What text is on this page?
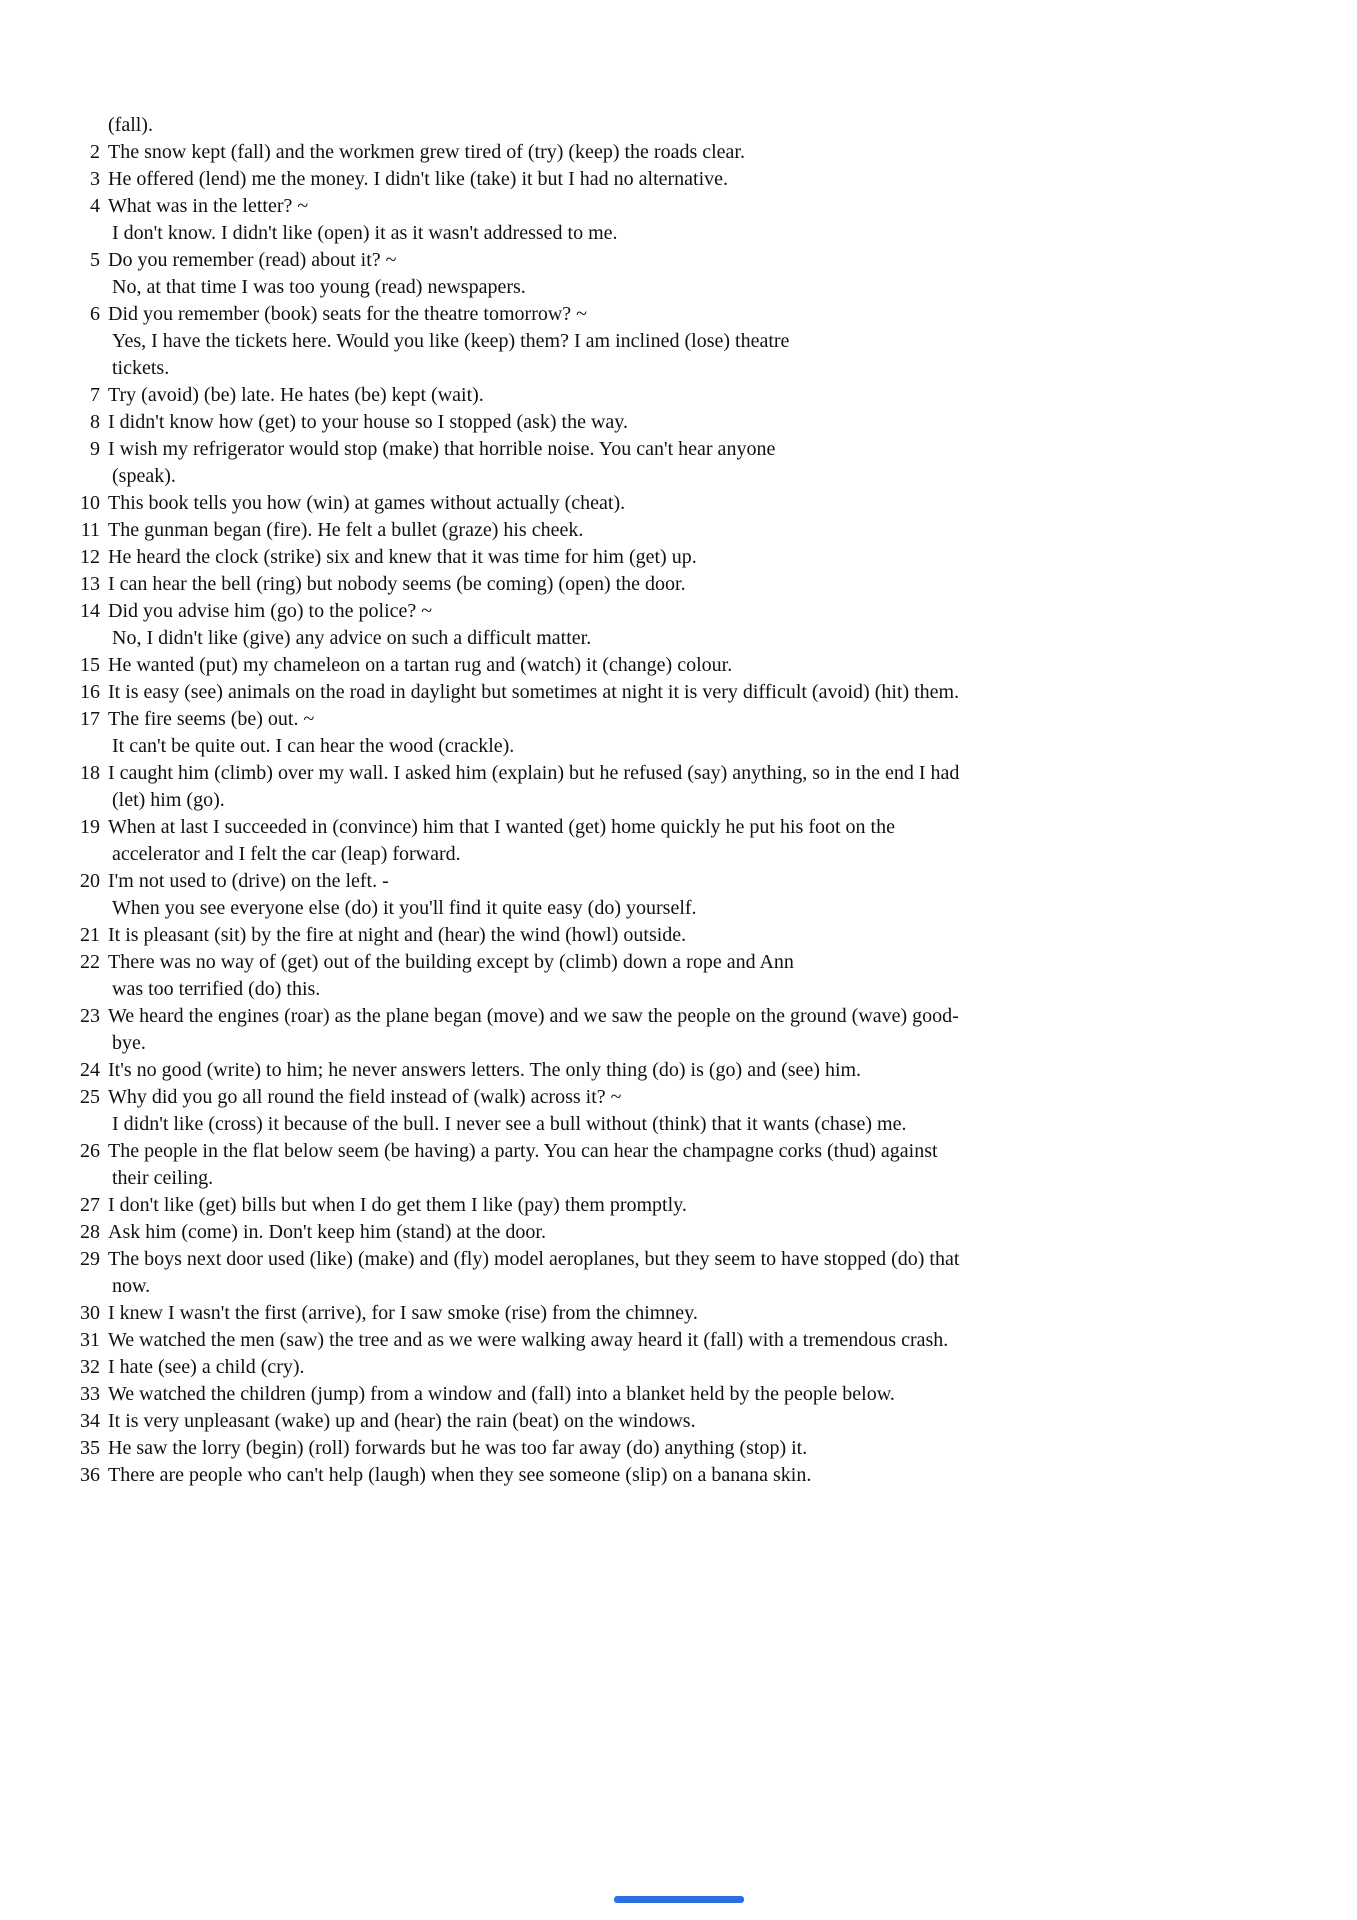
(fall).
2 The snow kept (fall) and the workmen grew tired of (try) (keep) the roads clear.
3 He offered (lend) me the money. I didn't like (take) it but I had no alternative.
4 What was in the letter? ~
I don't know. I didn't like (open) it as it wasn't addressed to me.
5 Do you remember (read) about it? ~
No, at that time I was too young (read) newspapers.
6 Did you remember (book) seats for the theatre tomorrow? ~
Yes, I have the tickets here. Would you like (keep) them? I am inclined (lose) theatre
tickets.
7 Try (avoid) (be) late. He hates (be) kept (wait).
8 I didn't know how (get) to your house so I stopped (ask) the way.
9 I wish my refrigerator would stop (make) that horrible noise. You can't hear anyone
(speak).
10 This book tells you how (win) at games without actually (cheat).
11 The gunman began (fire). He felt a bullet (graze) his cheek.
12 He heard the clock (strike) six and knew that it was time for him (get) up.
13 I can hear the bell (ring) but nobody seems (be coming) (open) the door.
14 Did you advise him (go) to the police? ~
No, I didn't like (give) any advice on such a difficult matter.
15 He wanted (put) my chameleon on a tartan rug and (watch) it (change) colour.
16 It is easy (see) animals on the road in daylight but sometimes at night it is very difficult (avoid) (hit) them.
17 The fire seems (be) out. ~
It can't be quite out. I can hear the wood (crackle).
18 I caught him (climb) over my wall. I asked him (explain) but he refused (say) anything, so in the end I had
(let) him (go).
19 When at last I succeeded in (convince) him that I wanted (get) home quickly he put his foot on the
accelerator and I felt the car (leap) forward.
20 I'm not used to (drive) on the left. -
When you see everyone else (do) it you'll find it quite easy (do) yourself.
21 It is pleasant (sit) by the fire at night and (hear) the wind (howl) outside.
22 There was no way of (get) out of the building except by (climb) down a rope and Ann
was too terrified (do) this.
23 We heard the engines (roar) as the plane began (move) and we saw the people on the ground (wave) good-
bye.
24 It's no good (write) to him; he never answers letters. The only thing (do) is (go) and (see) him.
25 Why did you go all round the field instead of (walk) across it? ~
I didn't like (cross) it because of the bull. I never see a bull without (think) that it wants (chase) me.
26 The people in the flat below seem (be having) a party. You can hear the champagne corks (thud) against
their ceiling.
27 I don't like (get) bills but when I do get them I like (pay) them promptly.
28 Ask him (come) in. Don't keep him (stand) at the door.
29 The boys next door used (like) (make) and (fly) model aeroplanes, but they seem to have stopped (do) that
now.
30 I knew I wasn't the first (arrive), for I saw smoke (rise) from the chimney.
31 We watched the men (saw) the tree and as we were walking away heard it (fall) with a tremendous crash.
32 I hate (see) a child (cry).
33 We watched the children (jump) from a window and (fall) into a blanket held by the people below.
34 It is very unpleasant (wake) up and (hear) the rain (beat) on the windows.
35 He saw the lorry (begin) (roll) forwards but he was too far away (do) anything (stop) it.
36 There are people who can't help (laugh) when they see someone (slip) on a banana skin.
